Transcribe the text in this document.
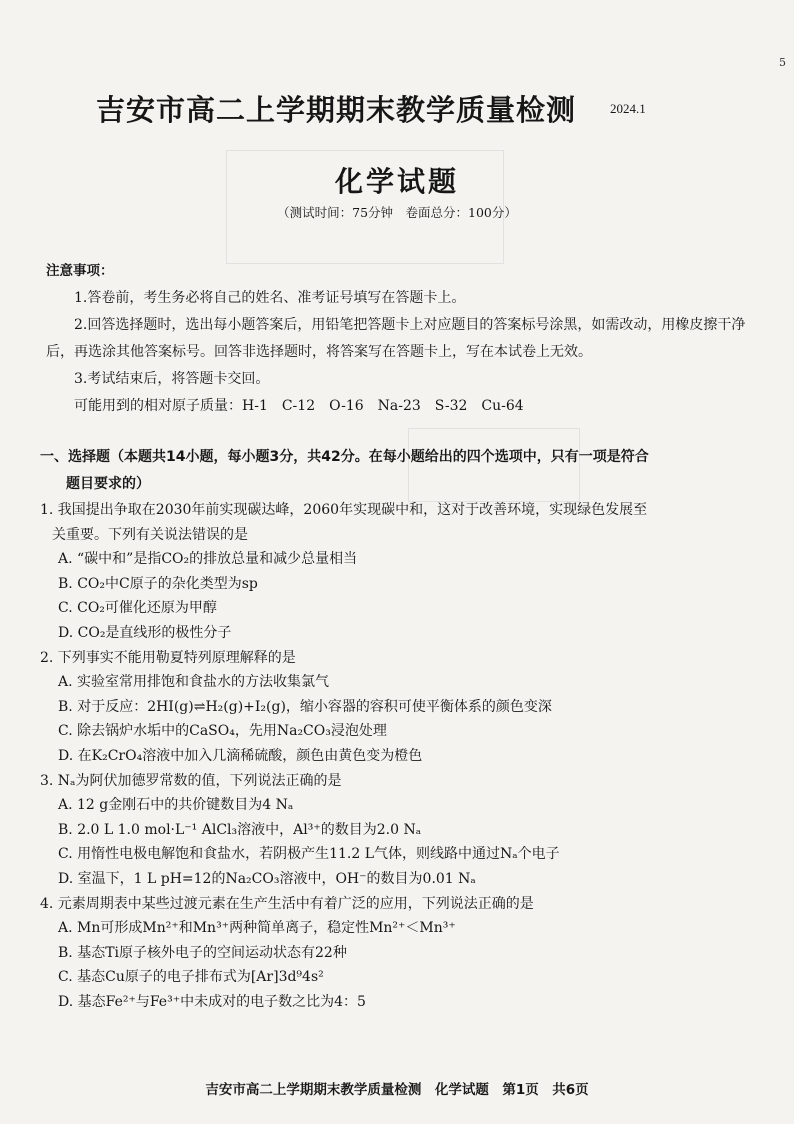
5
吉安市高二上学期期末教学质量检测	2024.1
化学试题
（测试时间：75分钟　卷面总分：100分）

注意事项：

1.答卷前，考生务必将自己的姓名、准考证号填写在答题卡上。

2.回答选择题时，选出每小题答案后，用铅笔把答题卡上对应题目的答案标号涂黑，如需改动，用橡皮擦干净后，再选涂其他答案标号。回答非选择题时，将答案写在答题卡上，写在本试卷上无效。

3.考试结束后，将答题卡交回。

可能用到的相对原子质量：H-1　C-12　O-16　Na-23　S-32　Cu-64

一、选择题（本题共14小题，每小题3分，共42分。在每小题给出的四个选项中，只有一项是符合
题目要求的）

1. 我国提出争取在2030年前实现碳达峰，2060年实现碳中和，这对于改善环境，实现绿色发展至

关重要。下列有关说法错误的是

A. “碳中和”是指CO₂的排放总量和减少总量相当

B. CO₂中C原子的杂化类型为sp

C. CO₂可催化还原为甲醇

D. CO₂是直线形的极性分子

2. 下列事实不能用勒夏特列原理解释的是

A. 实验室常用排饱和食盐水的方法收集氯气

B. 对于反应：2HI(g)⇌H₂(g)+I₂(g)，缩小容器的容积可使平衡体系的颜色变深

C. 除去锅炉水垢中的CaSO₄，先用Na₂CO₃浸泡处理

D. 在K₂CrO₄溶液中加入几滴稀硫酸，颜色由黄色变为橙色

3. Nₐ为阿伏加德罗常数的值，下列说法正确的是

A. 12 g金刚石中的共价键数目为4 Nₐ

B. 2.0 L 1.0 mol·L⁻¹ AlCl₃溶液中，Al³⁺的数目为2.0 Nₐ

C. 用惰性电极电解饱和食盐水，若阴极产生11.2 L气体，则线路中通过Nₐ个电子

D. 室温下，1 L pH=12的Na₂CO₃溶液中，OH⁻的数目为0.01 Nₐ

4. 元素周期表中某些过渡元素在生产生活中有着广泛的应用，下列说法正确的是

A. Mn可形成Mn²⁺和Mn³⁺两种简单离子，稳定性Mn²⁺＜Mn³⁺

B. 基态Ti原子核外电子的空间运动状态有22种

C. 基态Cu原子的电子排布式为[Ar]3d⁹4s²

D. 基态Fe²⁺与Fe³⁺中未成对的电子数之比为4：5

吉安市高二上学期期末教学质量检测　化学试题　第1页　共6页
